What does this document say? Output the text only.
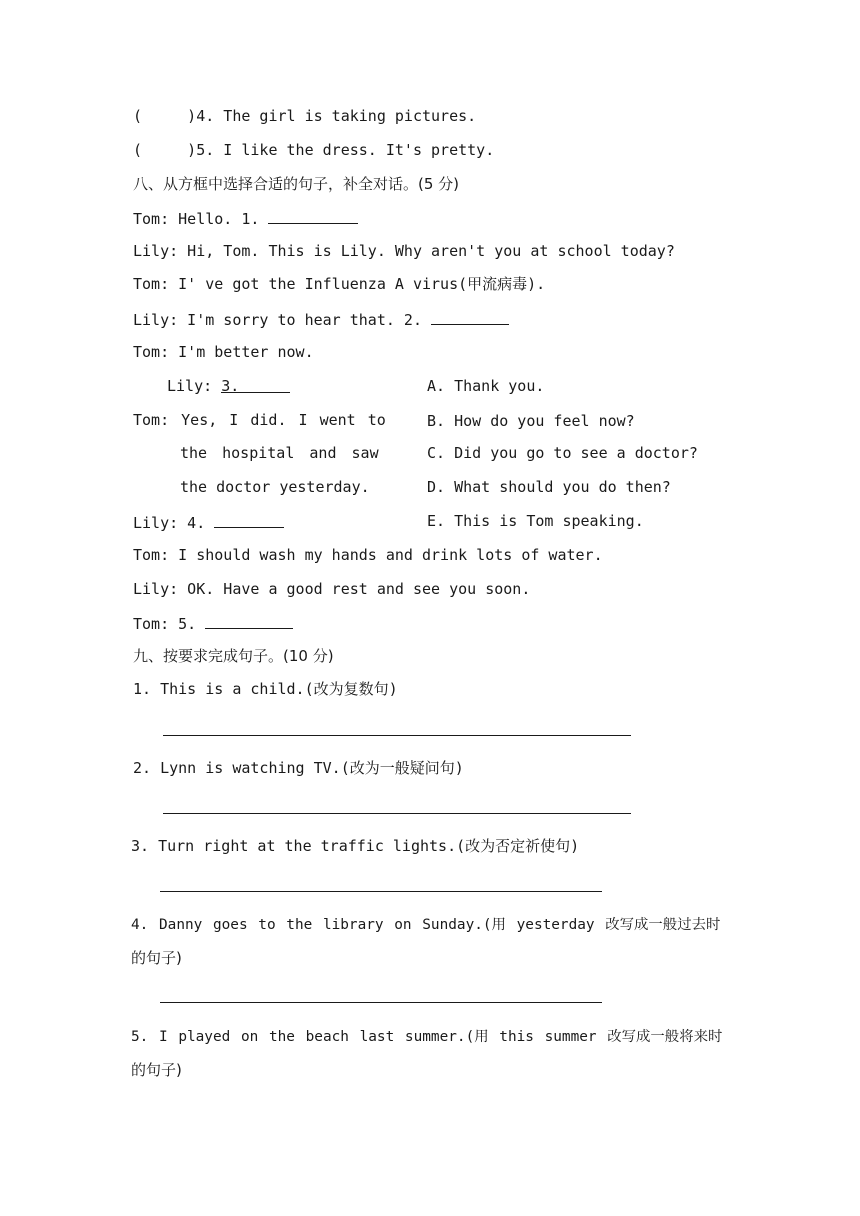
(     )4. The girl is taking pictures.
(     )5. I like the dress. It's pretty.
八、从方框中选择合适的句子，补全对话。(5 分)
Tom: Hello. 1.
Lily: Hi, Tom. This is Lily. Why aren't you at school today?
Tom: I' ve got the Influenza A virus(甲流病毒).
Lily: I'm sorry to hear that. 2.
Tom: I'm better now.
Lily: 3.
Tom: Yes, I did. I went to
the hospital and saw
the doctor yesterday.
Lily: 4.
Tom: I should wash my hands and drink lots of water.
Lily: OK. Have a good rest and see you soon.
Tom: 5.
A. Thank you.
B. How do you feel now?
C. Did you go to see a doctor?
D. What should you do then?
E. This is Tom speaking.
九、按要求完成句子。(10 分)
1. This is a child.(改为复数句)
2. Lynn is watching TV.(改为一般疑问句)
3. Turn right at the traffic lights.(改为否定祈使句)
4. Danny goes to the library on Sunday.(用 yesterday 改写成一般过去时
的句子)
5. I played on the beach last summer.(用 this summer 改写成一般将来时
的句子)
